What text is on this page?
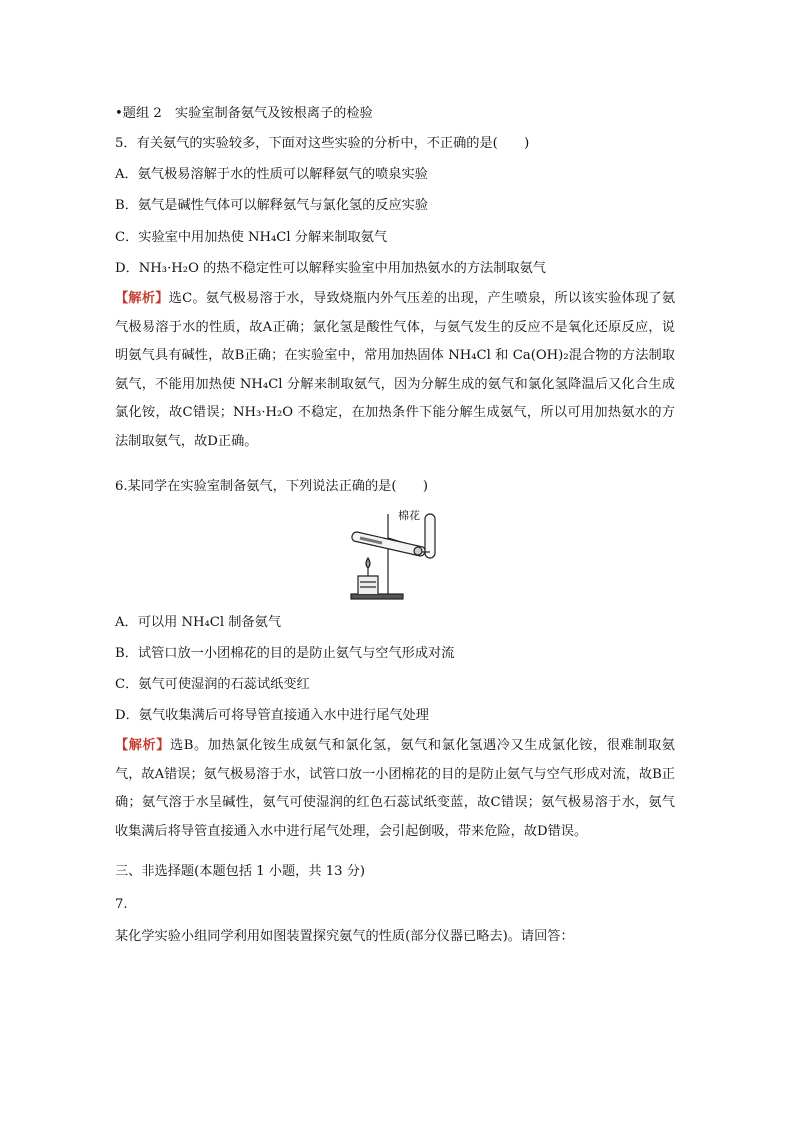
•题组 2　实验室制备氨气及铵根离子的检验
5．有关氨气的实验较多，下面对这些实验的分析中，不正确的是(　　)
A．氨气极易溶解于水的性质可以解释氨气的喷泉实验
B．氨气是碱性气体可以解释氨气与氯化氢的反应实验
C．实验室中用加热使 NH₄Cl 分解来制取氨气
D．NH₃·H₂O 的热不稳定性可以解释实验室中用加热氨水的方法制取氨气
【解析】选C。氨气极易溶于水，导致烧瓶内外气压差的出现，产生喷泉，所以该实验体现了氨气极易溶于水的性质，故A正确；氯化氢是酸性气体，与氨气发生的反应不是氧化还原反应，说明氨气具有碱性，故B正确；在实验室中，常用加热固体 NH₄Cl 和 Ca(OH)₂混合物的方法制取氨气，不能用加热使 NH₄Cl 分解来制取氨气，因为分解生成的氨气和氯化氢降温后又化合生成氯化铵，故C错误；NH₃·H₂O 不稳定，在加热条件下能分解生成氨气，所以可用加热氨水的方法制取氨气，故D正确。
6.某同学在实验室制备氨气，下列说法正确的是(　　)
棉花
A．可以用 NH₄Cl 制备氨气
B．试管口放一小团棉花的目的是防止氨气与空气形成对流
C．氨气可使湿润的石蕊试纸变红
D．氨气收集满后可将导管直接通入水中进行尾气处理
【解析】选B。加热氯化铵生成氨气和氯化氢，氨气和氯化氢遇冷又生成氯化铵，很难制取氨气，故A错误；氨气极易溶于水，试管口放一小团棉花的目的是防止氨气与空气形成对流，故B正确；氨气溶于水呈碱性，氨气可使湿润的红色石蕊试纸变蓝，故C错误；氨气极易溶于水，氨气收集满后将导管直接通入水中进行尾气处理，会引起倒吸，带来危险，故D错误。
三、非选择题(本题包括 1 小题，共 13 分)
7.
某化学实验小组同学利用如图装置探究氨气的性质(部分仪器已略去)。请回答：
